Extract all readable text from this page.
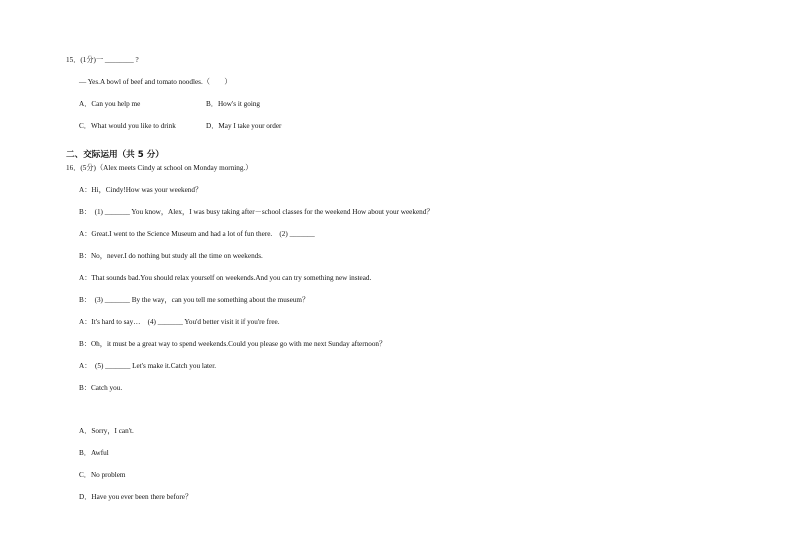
15．(1分)一 ________ ?
— Yes.A bowl of beef and tomato noodles.（　　）
A．Can you help me	B．How's it going
C．What would you like to drink	D．May I take your order
二、交际运用（共 5 分）
16．(5分)（Alex meets Cindy at school on Monday morning.）
A：Hi，Cindy!How was your weekend？
B：　(1) _______ You know，Alex，I was busy taking after－school classes for the weekend How about your weekend？
A：Great.I went to the Science Museum and had a lot of fun there.　(2) _______
B：No，never.I do nothing but study all the time on weekends.
A：That sounds bad.You should relax yourself on weekends.And you can try something new instead.
B：　(3) _______ By the way，can you tell me something about the museum？
A：It's hard to say…　(4) _______ You'd better visit it if you're free.
B：Oh，it must be a great way to spend weekends.Could you please go with me next Sunday afternoon？
A：　(5) _______ Let's make it.Catch you later.
B：Catch you.
A．Sorry，I can't.
B．Awful
C．No problem
D．Have you ever been there before？
